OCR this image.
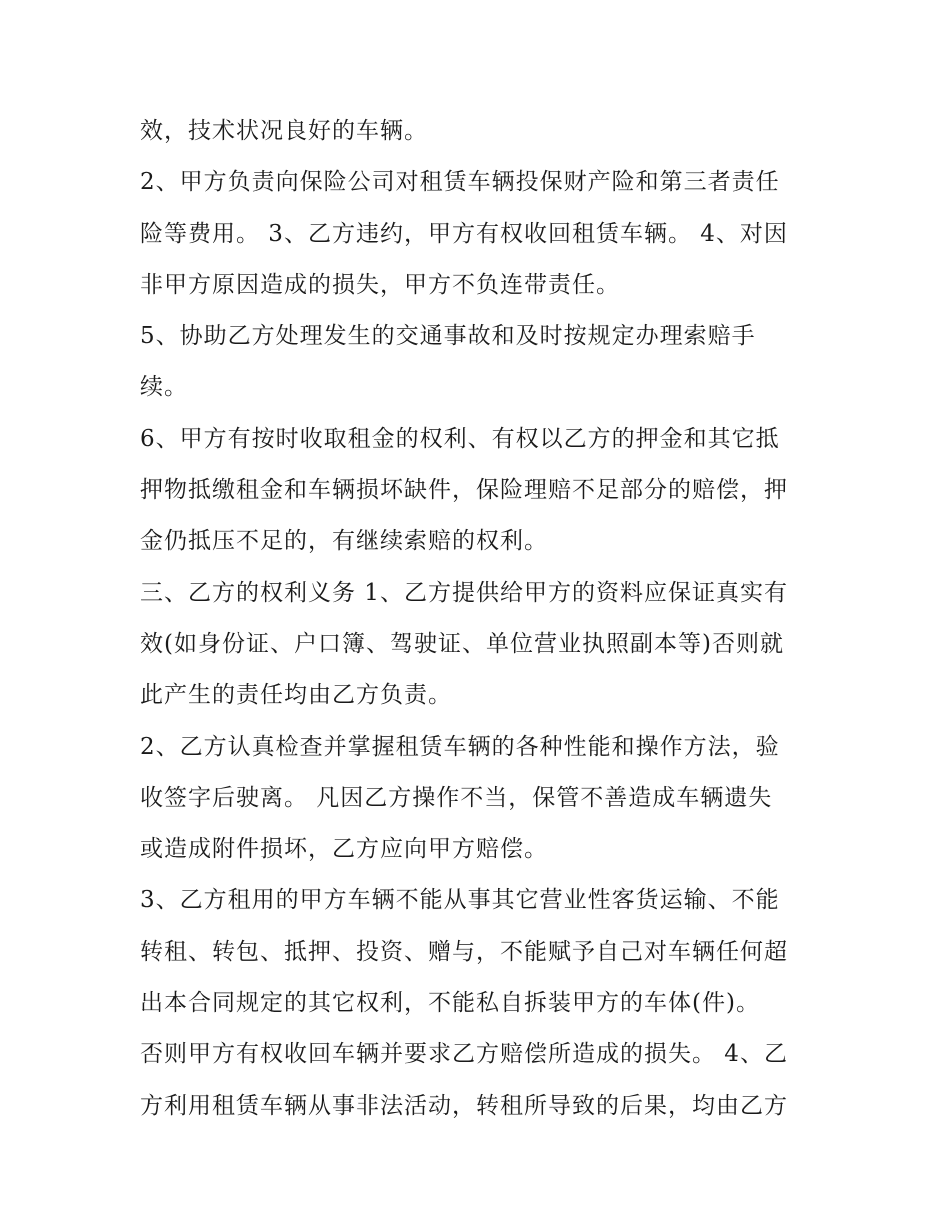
效，技术状况良好的车辆。
2、甲方负责向保险公司对租赁车辆投保财产险和第三者责任
险等费用。 3、乙方违约，甲方有权收回租赁车辆。 4、对因
非甲方原因造成的损失，甲方不负连带责任。
5、协助乙方处理发生的交通事故和及时按规定办理索赔手
续。
6、甲方有按时收取租金的权利、有权以乙方的押金和其它抵
押物抵缴租金和车辆损坏缺件，保险理赔不足部分的赔偿，押
金仍抵压不足的，有继续索赔的权利。
三、乙方的权利义务 1、乙方提供给甲方的资料应保证真实有
效(如身份证、户口簿、驾驶证、单位营业执照副本等)否则就
此产生的责任均由乙方负责。
2、乙方认真检查并掌握租赁车辆的各种性能和操作方法，验
收签字后驶离。 凡因乙方操作不当，保管不善造成车辆遗失
或造成附件损坏，乙方应向甲方赔偿。
3、乙方租用的甲方车辆不能从事其它营业性客货运输、不能
转租、转包、抵押、投资、赠与，不能赋予自己对车辆任何超
出本合同规定的其它权利，不能私自拆装甲方的车体(件)。
否则甲方有权收回车辆并要求乙方赔偿所造成的损失。 4、乙
方利用租赁车辆从事非法活动，转租所导致的后果，均由乙方
